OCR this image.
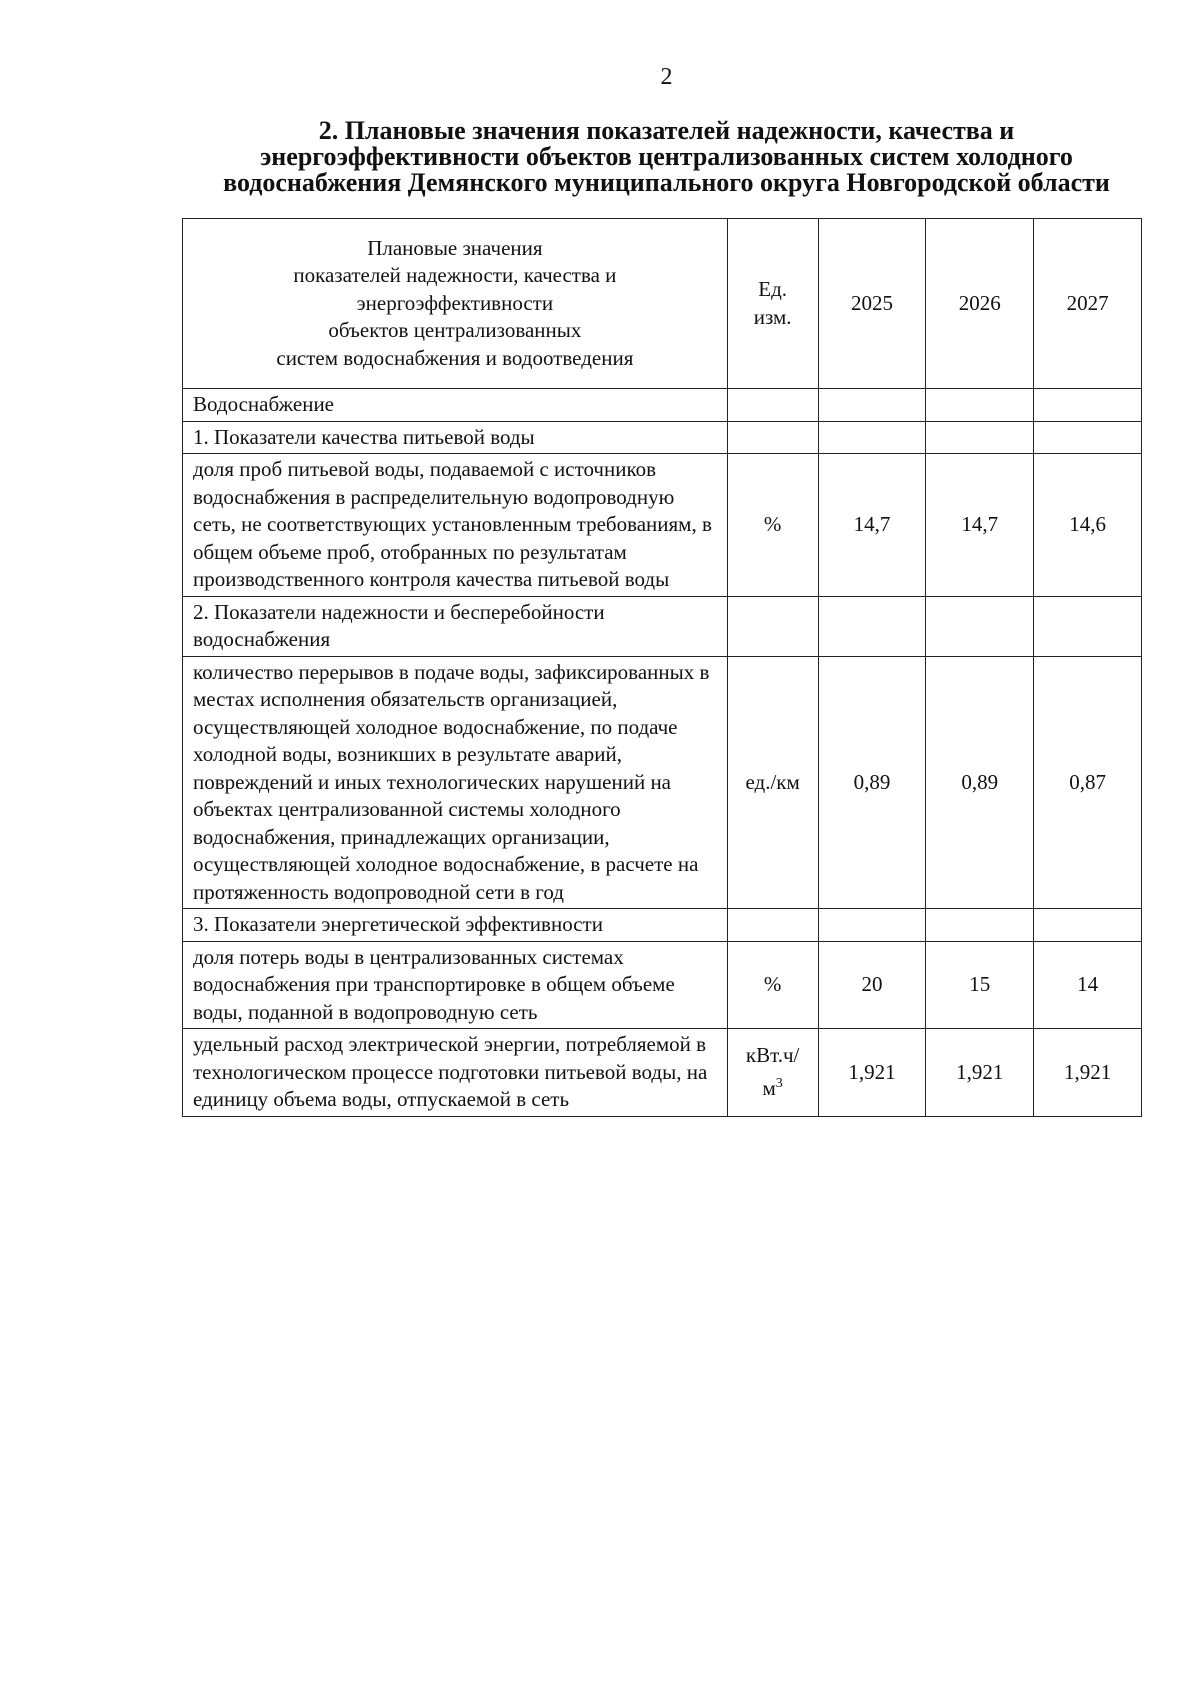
2
2. Плановые значения показателей надежности, качества и энергоэффективности объектов централизованных систем холодного водоснабжения Демянского муниципального округа Новгородской области
Плановые значения
показателей надежности, качества и
энергоэффективности
объектов централизованных
систем водоснабжения и водоотведения	Ед. изм.	2025	2026	2027
Водоснабжение				
1. Показатели качества питьевой воды				
доля проб питьевой воды, подаваемой с источников водоснабжения в распределительную водопроводную сеть, не соответствующих установленным требованиям, в общем объеме проб, отобранных по результатам производственного контроля качества питьевой воды	%	14,7	14,7	14,6
2. Показатели надежности и бесперебойности водоснабжения				
количество перерывов в подаче воды, зафиксированных в местах исполнения обязательств организацией, осуществляющей холодное водоснабжение, по подаче холодной воды, возникших в результате аварий, повреждений и иных технологических нарушений на объектах централизованной системы холодного водоснабжения, принадлежащих организации, осуществляющей холодное водоснабжение, в расчете на протяженность водопроводной сети в год	ед./км	0,89	0,89	0,87
3. Показатели энергетической эффективности				
доля потерь воды в централизованных системах водоснабжения при транспортировке в общем объеме воды, поданной в водопроводную сеть	%	20	15	14
удельный расход электрической энергии, потребляемой в технологическом процессе подготовки питьевой воды, на единицу объема воды, отпускаемой в сеть	кВт.ч/ $м^3$	1,921	1,921	1,921
